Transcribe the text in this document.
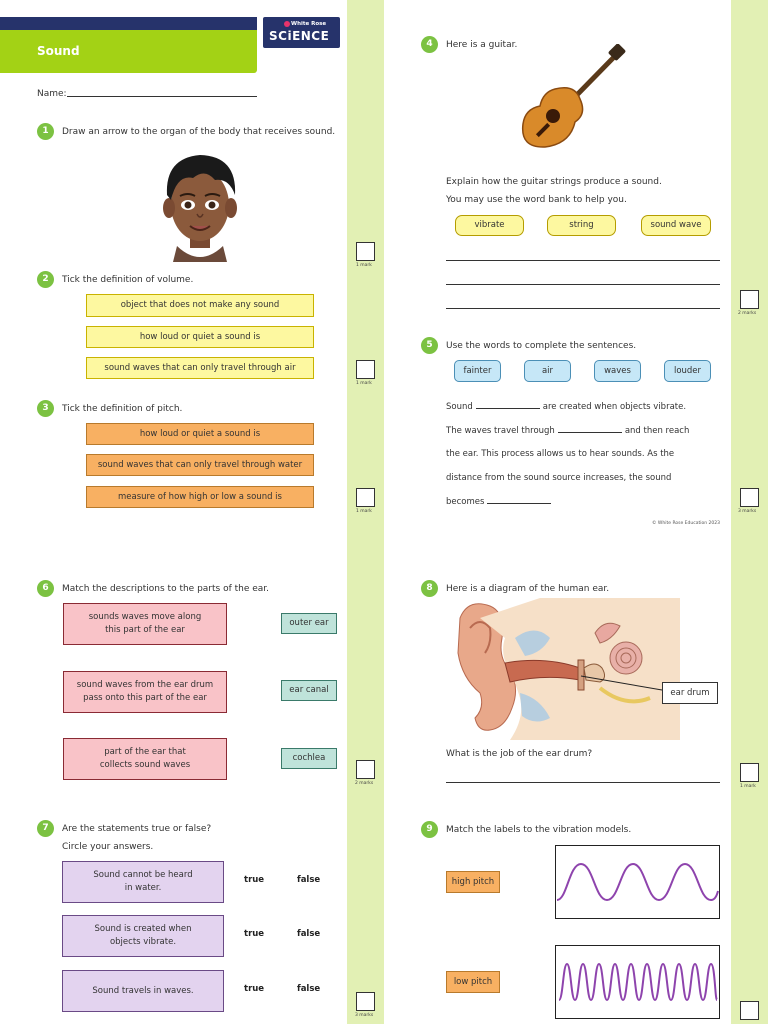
Sound
White Rose
SCiENCE
Name:
1	Draw an arrow to the organ of the body that receives sound.
1 mark
2	Tick the definition of volume.
object that does not make any sound
how loud or quiet a sound is
sound waves that can only travel through air
1 mark
3	Tick the definition of pitch.
how loud or quiet a sound is
sound waves that can only travel through water
measure of how high or low a sound is
1 mark
4	Here is a guitar.
Explain how the guitar strings produce a sound.
You may use the word bank to help you.
vibrate	string	sound wave
2 marks
5	Use the words to complete the sentences.
fainter	air	waves	louder
Sound	are created when objects vibrate.
The waves travel through	and then reach
the ear. This process allows us to hear sounds. As the
distance from the sound source increases, the sound
becomes
3 marks
© White Rose Education 2023
6	Match the descriptions to the parts of the ear.
sounds waves move along
this part of the ear
sound waves from the ear drum
pass onto this part of the ear
part of the ear that
collects sound waves
outer ear
ear canal
cochlea
2 marks
7	Are the statements true or false?
Circle your answers.
Sound cannot be heard
in water.
Sound is created when
objects vibrate.
Sound travels in waves.
true	false
true	false
true	false
3 marks
8	Here is a diagram of the human ear.
ear drum
What is the job of the ear drum?
1 mark
9	Match the labels to the vibration models.
high pitch
low pitch
